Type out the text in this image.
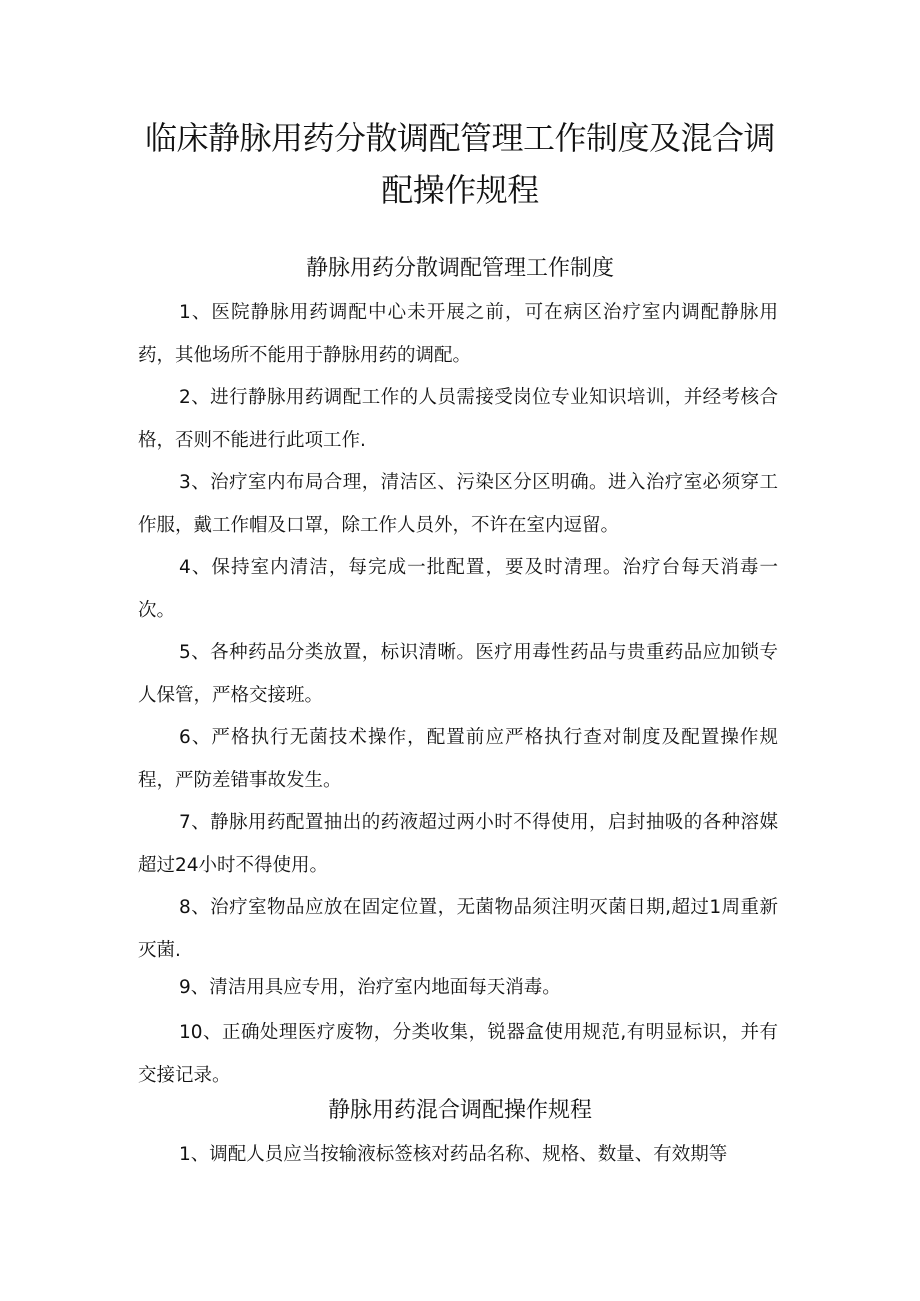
临床静脉用药分散调配管理工作制度及混合调配操作规程
静脉用药分散调配管理工作制度

1、医院静脉用药调配中心未开展之前，可在病区治疗室内调配静脉用药，其他场所不能用于静脉用药的调配。

2、进行静脉用药调配工作的人员需接受岗位专业知识培训，并经考核合格，否则不能进行此项工作.

3、治疗室内布局合理，清洁区、污染区分区明确。进入治疗室必须穿工作服，戴工作帽及口罩，除工作人员外，不许在室内逗留。

4、保持室内清洁，每完成一批配置，要及时清理。治疗台每天消毒一次。

5、各种药品分类放置，标识清晰。医疗用毒性药品与贵重药品应加锁专人保管，严格交接班。

6、严格执行无菌技术操作，配置前应严格执行查对制度及配置操作规程，严防差错事故发生。

7、静脉用药配置抽出的药液超过两小时不得使用，启封抽吸的各种溶媒超过24小时不得使用。

8、治疗室物品应放在固定位置，无菌物品须注明灭菌日期,超过1周重新灭菌.

9、清洁用具应专用，治疗室内地面每天消毒。

10、正确处理医疗废物，分类收集，锐器盒使用规范,有明显标识，并有交接记录。

静脉用药混合调配操作规程

1、调配人员应当按输液标签核对药品名称、规格、数量、有效期等
